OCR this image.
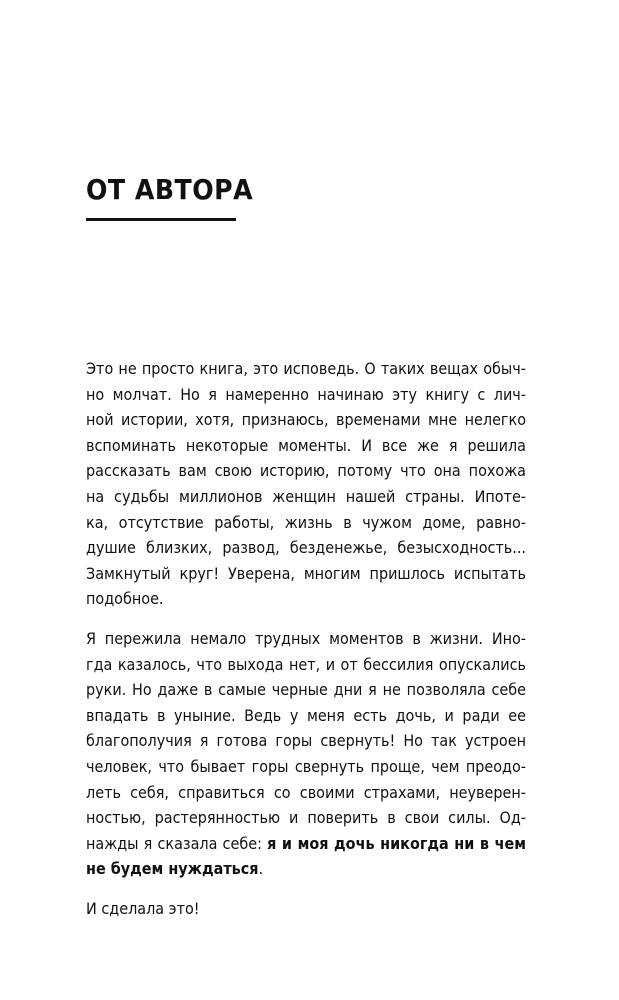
ОТ АВТОРА

Это не просто книга, это исповедь. О таких вещах обыч-
но молчат. Но я намеренно начинаю эту книгу с лич-
ной истории, хотя, признаюсь, временами мне нелегко
вспоминать некоторые моменты. И все же я решила
рассказать вам свою историю, потому что она похожа
на судьбы миллионов женщин нашей страны. Ипоте-
ка, отсутствие работы, жизнь в чужом доме, равно-
душие близких, развод, безденежье, безысходность...
Замкнутый круг! Уверена, многим пришлось испытать
подобное.

Я пережила немало трудных моментов в жизни. Ино-
гда казалось, что выхода нет, и от бессилия опускались
руки. Но даже в самые черные дни я не позволяла себе
впадать в уныние. Ведь у меня есть дочь, и ради ее
благополучия я готова горы свернуть! Но так устроен
человек, что бывает горы свернуть проще, чем преодо-
леть себя, справиться со своими страхами, неуверен-
ностью, растерянностью и поверить в свои силы. Од-
нажды я сказала себе: я и моя дочь никогда ни в чем
не будем нуждаться.

И сделала это!
